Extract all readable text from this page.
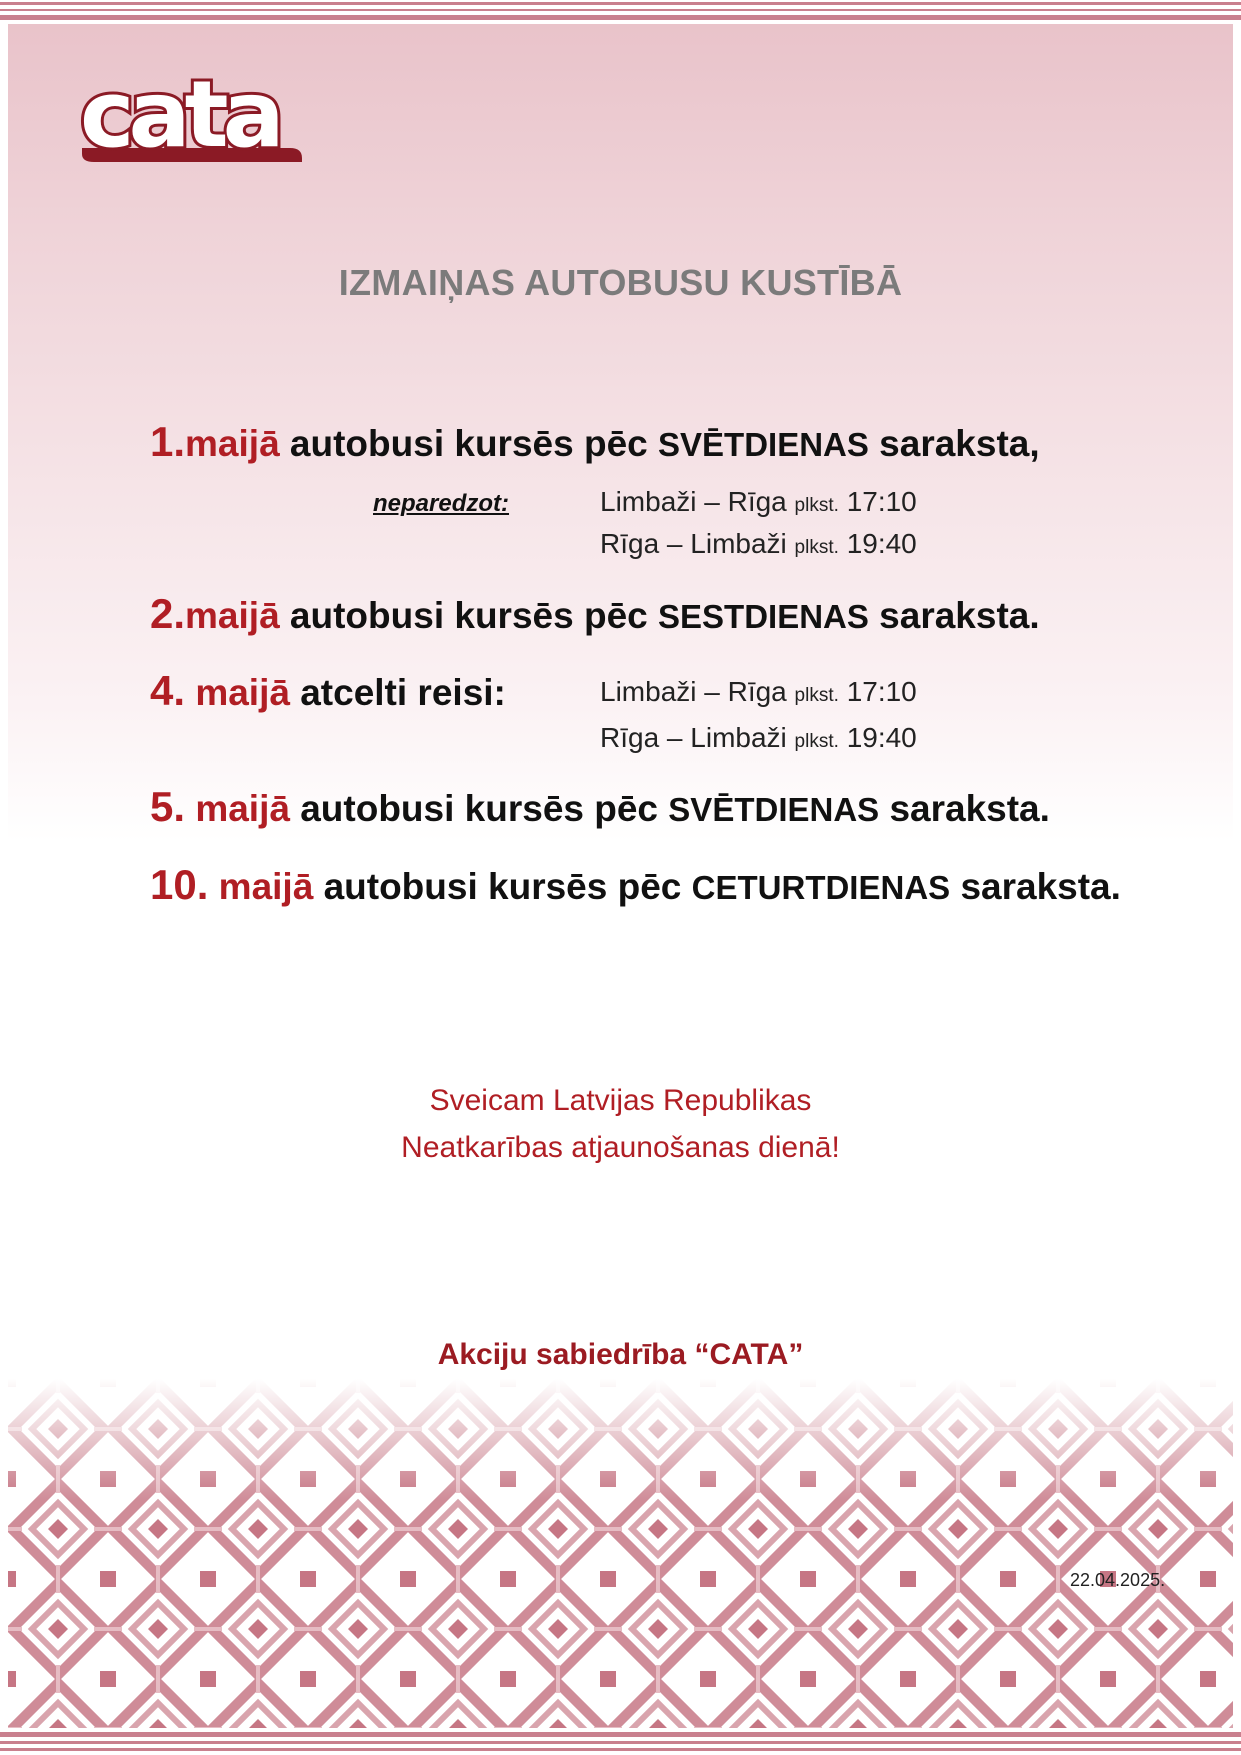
cata
IZMAIŅAS AUTOBUSU KUSTĪBĀ
1.maijā autobusi kursēs pēc SVĒTDIENAS saraksta,
neparedzot:	Limbaži – Rīga plkst. 17:10
Rīga – Limbaži plkst. 19:40
2.maijā autobusi kursēs pēc SESTDIENAS saraksta.
4. maijā atcelti reisi:	Limbaži – Rīga plkst. 17:10
Rīga – Limbaži plkst. 19:40
5. maijā autobusi kursēs pēc SVĒTDIENAS saraksta.
10. maijā autobusi kursēs pēc CETURTDIENAS saraksta.
Sveicam Latvijas Republikas
Neatkarības atjaunošanas dienā!
Akciju sabiedrība “CATA”
22.04.2025.
